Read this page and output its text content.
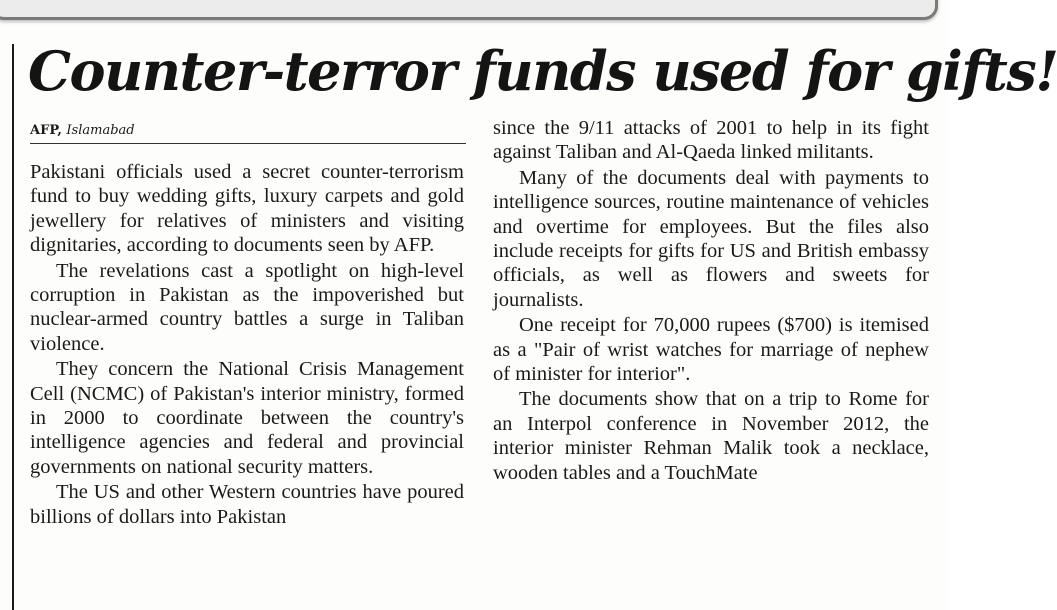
Counter-terror funds used for gifts!
AFP, Islamabad

Pakistani officials used a secret counter-terrorism fund to buy wedding gifts, luxury carpets and gold jewellery for relatives of ministers and visiting dignitaries, according to documents seen by AFP.

The revelations cast a spotlight on high-level corruption in Pakistan as the impoverished but nuclear-armed country battles a surge in Taliban violence.

They concern the National Crisis Management Cell (NCMC) of Pakistan's interior ministry, formed in 2000 to coordinate between the country's intelligence agencies and federal and provincial governments on national security matters.

The US and other Western countries have poured billions of dollars into Pakistan

since the 9/11 attacks of 2001 to help in its fight against Taliban and Al-Qaeda linked militants.

Many of the documents deal with payments to intelligence sources, routine maintenance of vehicles and overtime for employees. But the files also include receipts for gifts for US and British embassy officials, as well as flowers and sweets for journalists.

One receipt for 70,000 rupees ($700) is itemised as a "Pair of wrist watches for marriage of nephew of minister for interior".

The documents show that on a trip to Rome for an Interpol conference in November 2012, the interior minister Rehman Malik took a necklace, wooden tables and a TouchMate
